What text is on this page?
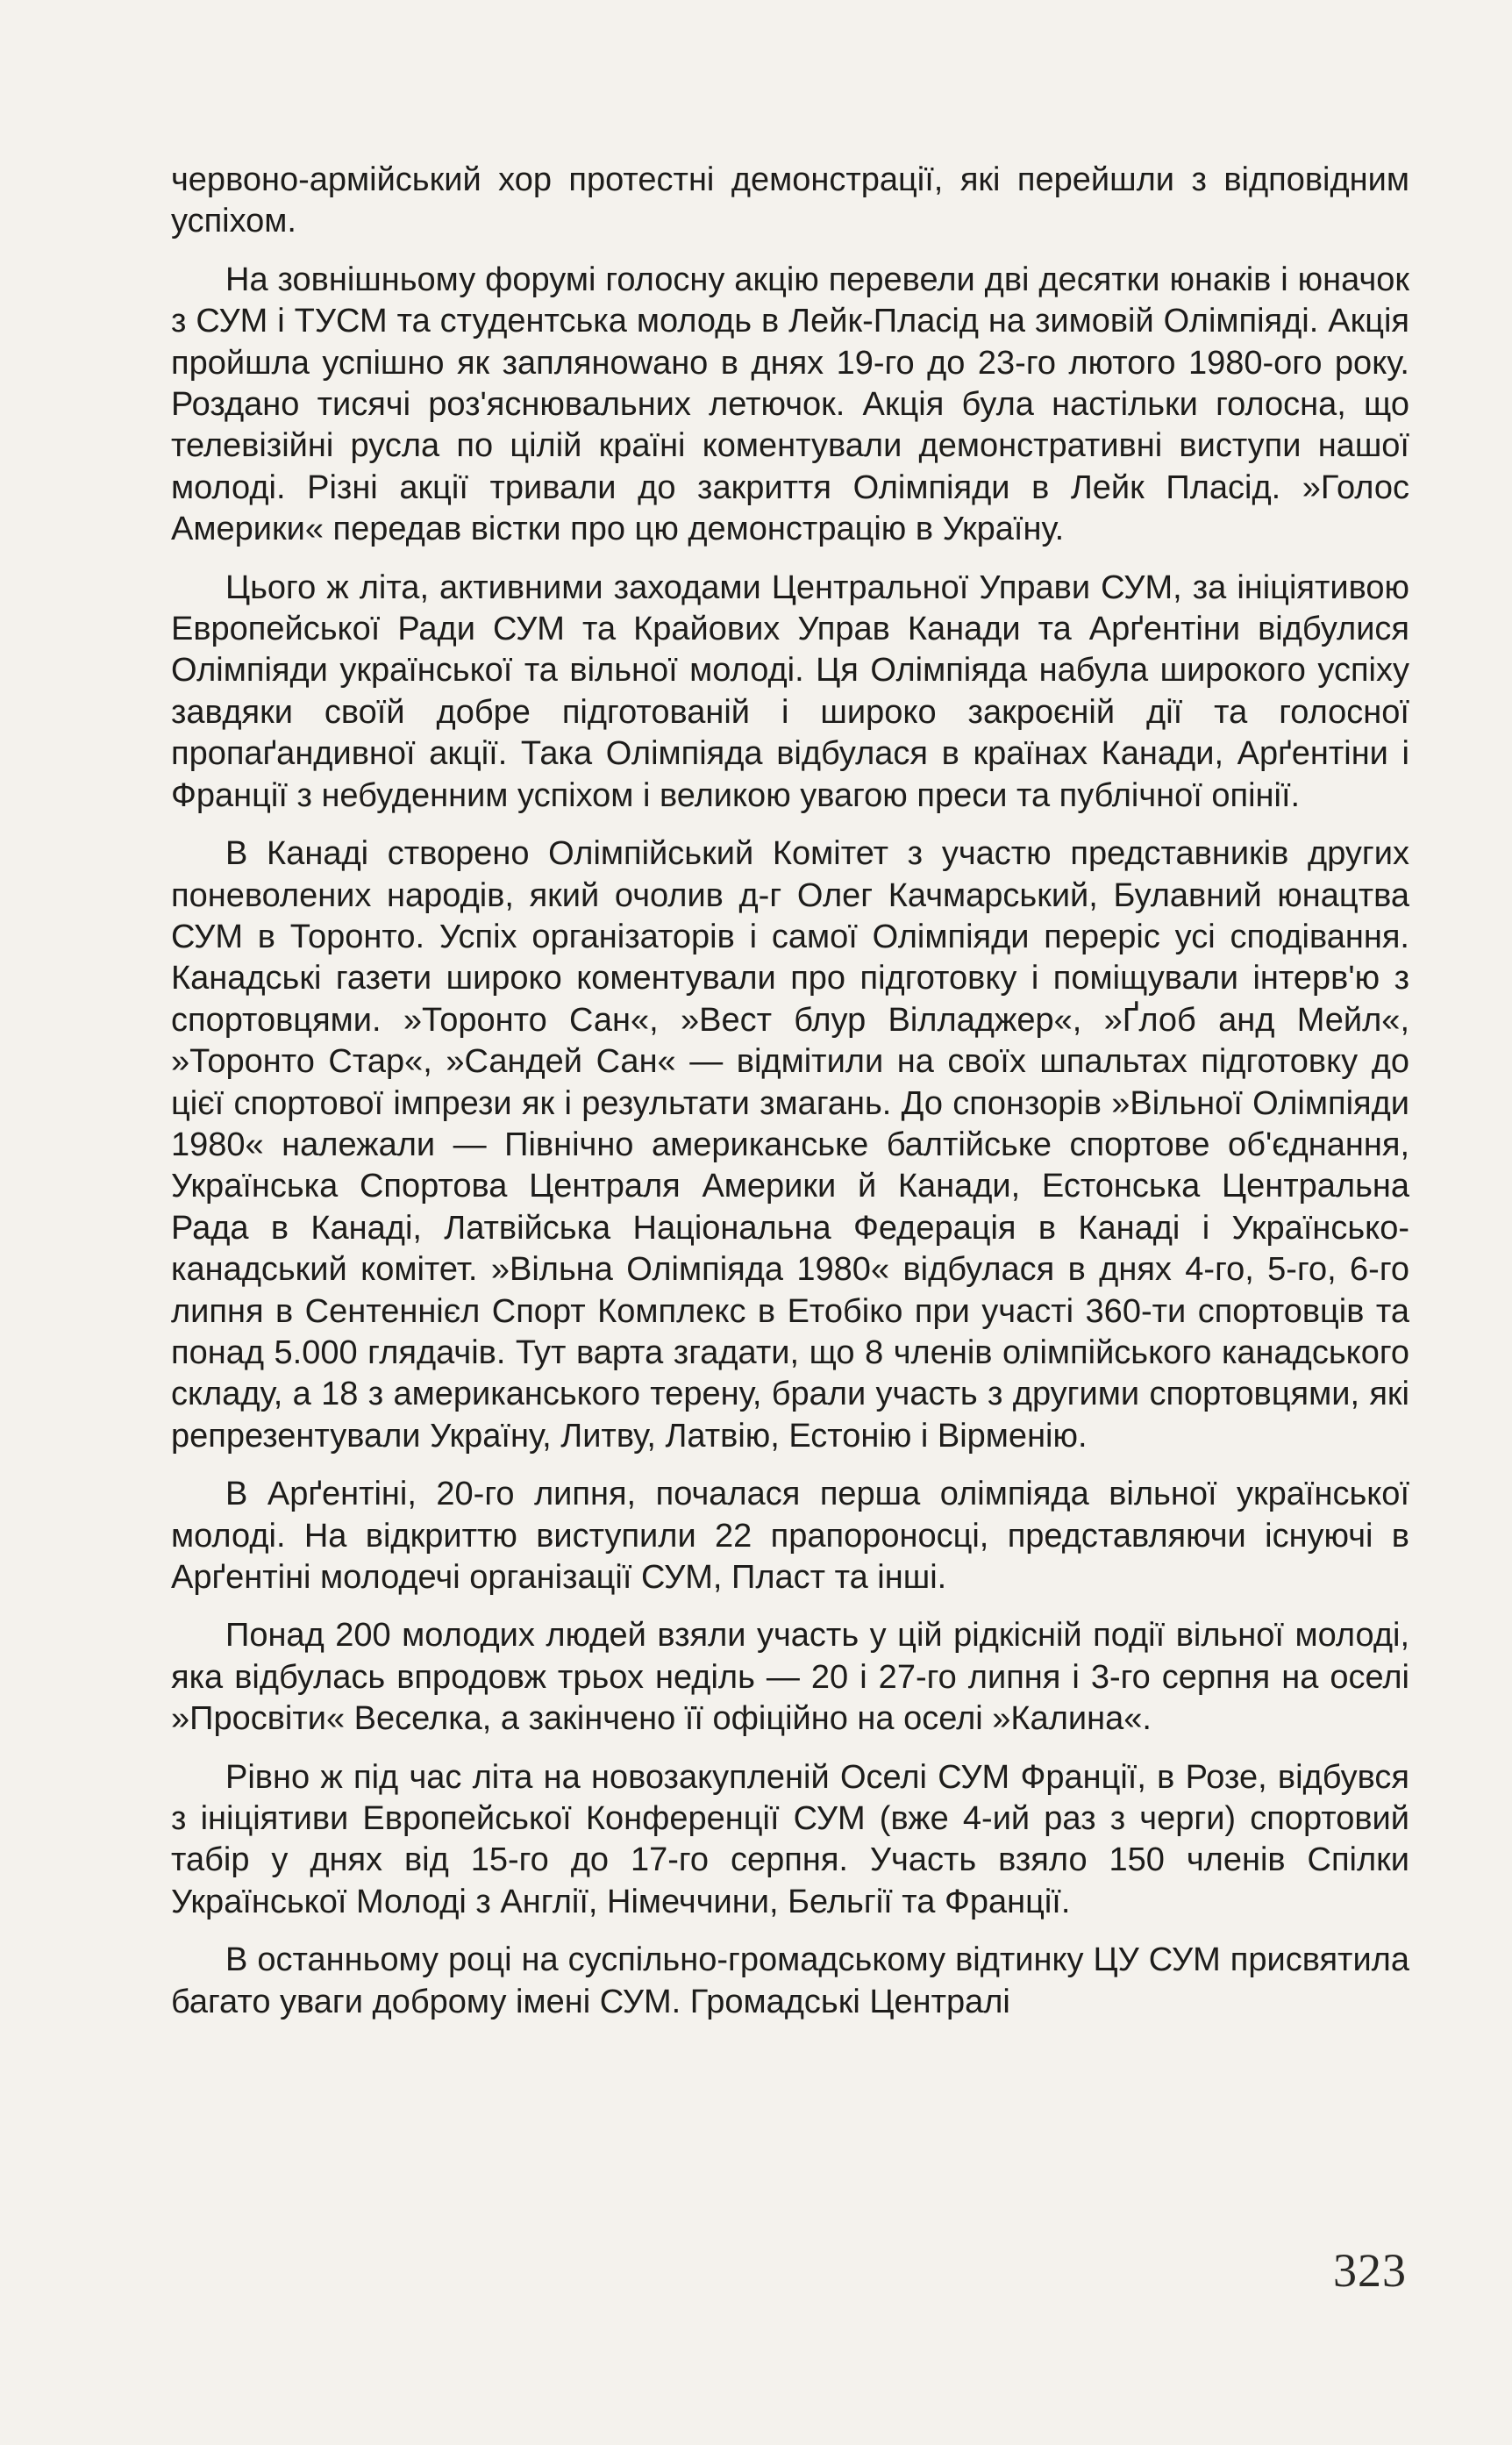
червоно-армійський хор протестні демонстрації, які перейшли з відповідним успіхом.

На зовнішньому форумі голосну акцію перевели дві десятки юнаків і юначок з СУМ і ТУСМ та студентська молодь в Лейк-Пласід на зимовій Олімпіяді. Акція пройшла успішно як заплянowано в днях 19-го до 23-го лютого 1980-ого року. Роздано тисячі роз'яснювальних летючок. Акція була настільки голосна, що телевізійні русла по цілій країні коментували демонстративні виступи нашої молоді. Різні акції тривали до закриття Олімпіяди в Лейк Пласід. »Голос Америки« передав вістки про цю демонстрацію в Україну.

Цього ж літа, активними заходами Центральної Управи СУМ, за ініціятивою Европейської Ради СУМ та Крайових Управ Канади та Арґентіни відбулися Олімпіяди української та вільної молоді. Ця Олімпіяда набула широкого успіху завдяки своїй добре підготованій і широко закроєній дії та голосної пропаґандивної акції. Така Олімпіяда відбулася в країнах Канади, Арґентіни і Франції з небуденним успіхом і великою увагою преси та публічної опінії.

В Канаді створено Олімпійський Комітет з участю представників других поневолених народів, який очолив д-г Олег Качмарський, Булавний юнацтва СУМ в Торонто. Успіх організаторів і самої Олімпіяди переріс усі сподівання. Канадські газети широко коментували про підготовку і поміщували інтерв'ю з спортовцями. »Торонто Сан«, »Вест блур Вілладжер«, »Ґлоб анд Мейл«, »Торонто Стар«, »Сандей Сан« — відмітили на своїх шпальтах підготовку до цієї спортової імпрези як і результати змагань. До спонзорів »Вільної Олімпіяди 1980« належали — Північно американське балтійське спортове об'єднання, Українська Спортова Централя Америки й Канади, Естонська Центральна Рада в Канаді, Латвійська Національна Федерація в Канаді і Українсько-канадський комітет. »Вільна Олімпіяда 1980« відбулася в днях 4-го, 5-го, 6-го липня в Сентеннієл Спорт Комплекс в Етобіко при участі 360-ти спортовців та понад 5.000 глядачів. Тут варта згадати, що 8 членів олімпійського канадського складу, а 18 з американського терену, брали участь з другими спортовцями, які репрезентували Україну, Литву, Латвію, Естонію і Вірменію.

В Арґентіні, 20-го липня, почалася перша олімпіяда вільної української молоді. На відкриттю виступили 22 прапороносці, представляючи існуючі в Арґентіні молодечі організації СУМ, Пласт та інші.

Понад 200 молодих людей взяли участь у цій рідкісній події вільної молоді, яка відбулась впродовж трьох неділь — 20 і 27-го липня і 3-го серпня на оселі »Просвіти« Веселка, а закінчено її офіційно на оселі »Калина«.

Рівно ж під час літа на новозакупленій Оселі СУМ Франції, в Розе, відбувся з ініціятиви Европейської Конференції СУМ (вже 4-ий раз з черги) спортовий табір у днях від 15-го до 17-го серпня. Участь взяло 150 членів Спілки Української Молоді з Англії, Німеччини, Бельгії та Франції.

В останньому році на суспільно-громадському відтинку ЦУ СУМ присвятила багато уваги доброму імені СУМ. Громадські Централі

323
